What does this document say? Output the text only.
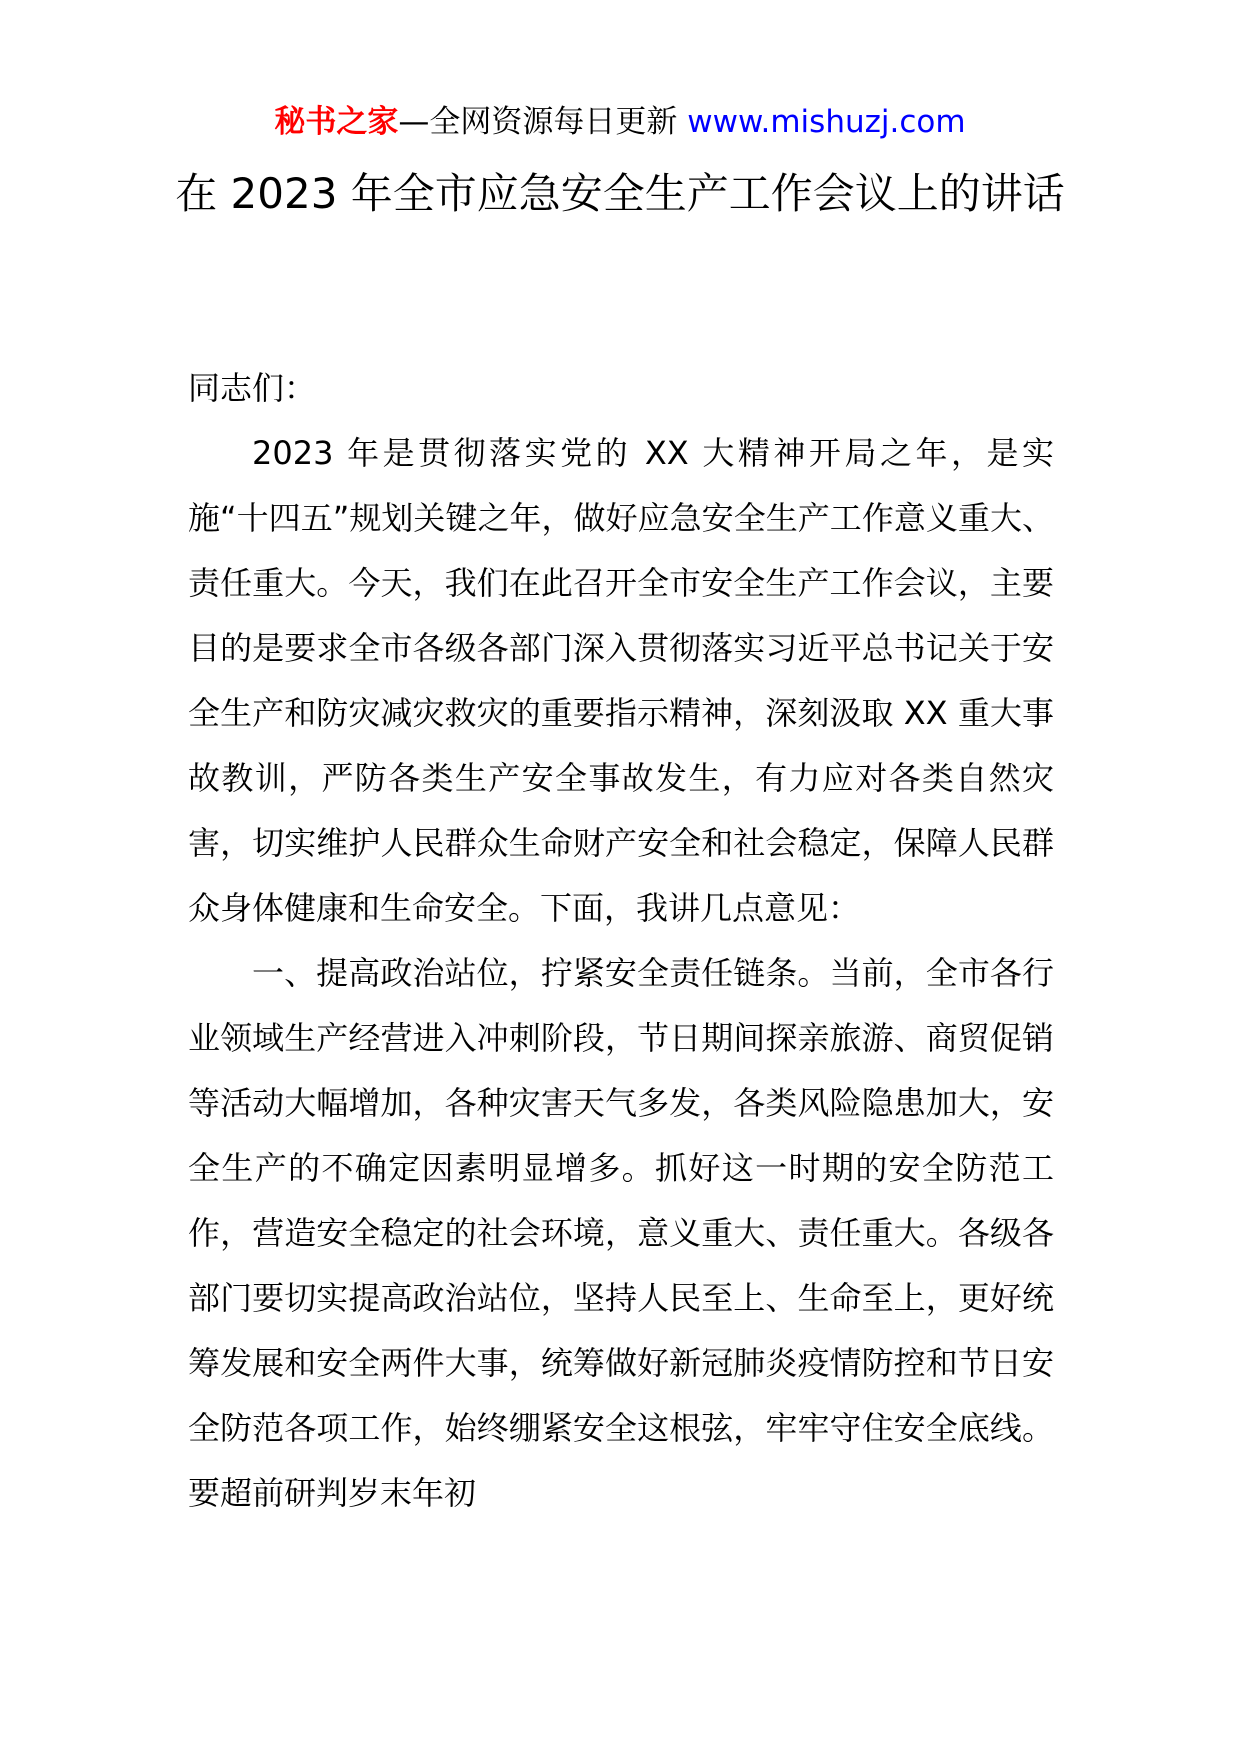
秘书之家—全网资源每日更新 www.mishuzj.com
在 2023 年全市应急安全生产工作会议上的讲话

同志们：

2023 年是贯彻落实党的 XX 大精神开局之年，是实施“十四五”规划关键之年，做好应急安全生产工作意义重大、责任重大。今天，我们在此召开全市安全生产工作会议，主要目的是要求全市各级各部门深入贯彻落实习近平总书记关于安全生产和防灾减灾救灾的重要指示精神，深刻汲取 XX 重大事故教训，严防各类生产安全事故发生，有力应对各类自然灾害，切实维护人民群众生命财产安全和社会稳定，保障人民群众身体健康和生命安全。下面，我讲几点意见：

一、提高政治站位，拧紧安全责任链条。当前，全市各行业领域生产经营进入冲刺阶段，节日期间探亲旅游、商贸促销等活动大幅增加，各种灾害天气多发，各类风险隐患加大，安全生产的不确定因素明显增多。抓好这一时期的安全防范工作，营造安全稳定的社会环境，意义重大、责任重大。各级各部门要切实提高政治站位，坚持人民至上、生命至上，更好统筹发展和安全两件大事，统筹做好新冠肺炎疫情防控和节日安全防范各项工作，始终绷紧安全这根弦，牢牢守住安全底线。要超前研判岁末年初
